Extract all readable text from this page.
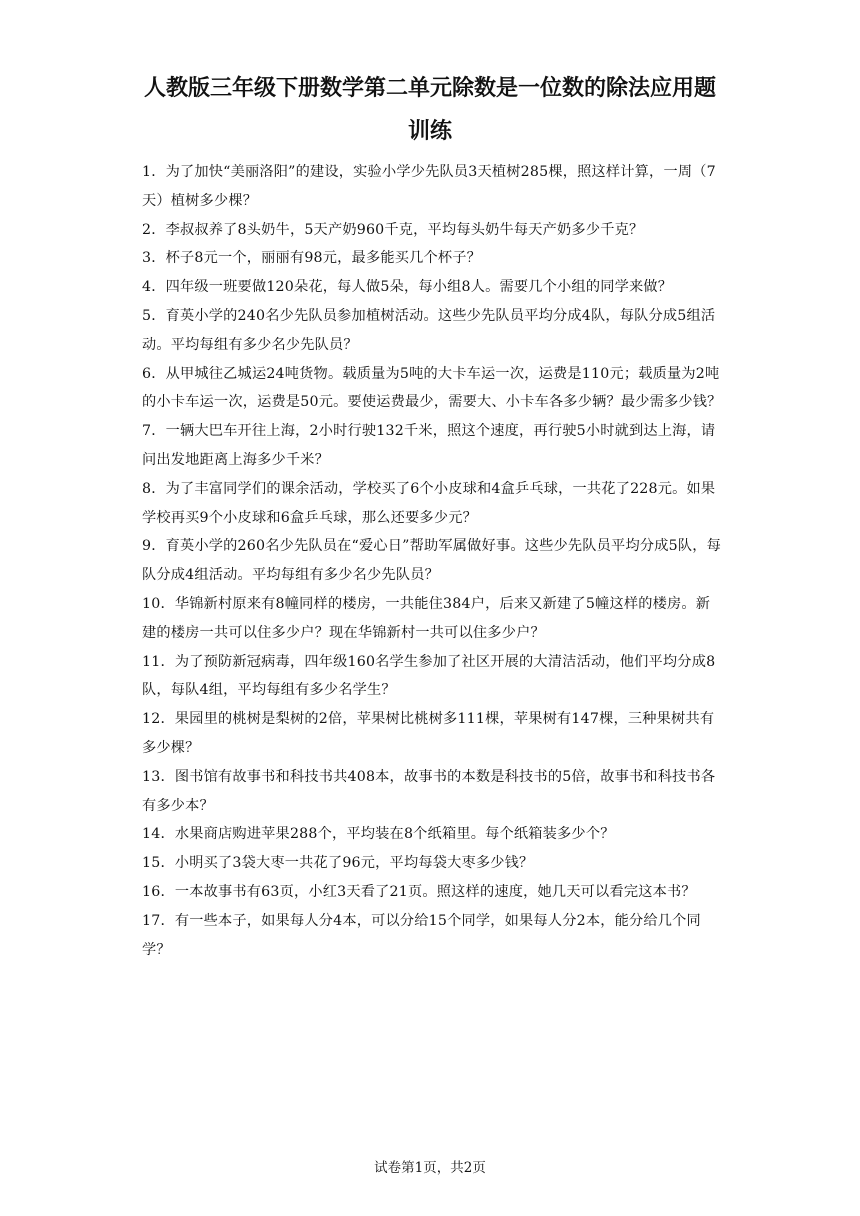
人教版三年级下册数学第二单元除数是一位数的除法应用题
训练
1．为了加快“美丽洛阳”的建设，实验小学少先队员3天植树285棵，照这样计算，一周（7天）植树多少棵？
2．李叔叔养了8头奶牛，5天产奶960千克，平均每头奶牛每天产奶多少千克？
3．杯子8元一个，丽丽有98元，最多能买几个杯子？
4．四年级一班要做120朵花，每人做5朵，每小组8人。需要几个小组的同学来做？
5．育英小学的240名少先队员参加植树活动。这些少先队员平均分成4队，每队分成5组活动。平均每组有多少名少先队员？
6．从甲城往乙城运24吨货物。载质量为5吨的大卡车运一次，运费是110元；载质量为2吨的小卡车运一次，运费是50元。要使运费最少，需要大、小卡车各多少辆？最少需多少钱？
7．一辆大巴车开往上海，2小时行驶132千米，照这个速度，再行驶5小时就到达上海，请问出发地距离上海多少千米？
8．为了丰富同学们的课余活动，学校买了6个小皮球和4盒乒乓球，一共花了228元。如果学校再买9个小皮球和6盒乒乓球，那么还要多少元？
9．育英小学的260名少先队员在“爱心日”帮助军属做好事。这些少先队员平均分成5队，每队分成4组活动。平均每组有多少名少先队员？
10．华锦新村原来有8幢同样的楼房，一共能住384户，后来又新建了5幢这样的楼房。新建的楼房一共可以住多少户？现在华锦新村一共可以住多少户？
11．为了预防新冠病毒，四年级160名学生参加了社区开展的大清洁活动，他们平均分成8队，每队4组，平均每组有多少名学生？
12．果园里的桃树是梨树的2倍，苹果树比桃树多111棵，苹果树有147棵，三种果树共有多少棵？
13．图书馆有故事书和科技书共408本，故事书的本数是科技书的5倍，故事书和科技书各有多少本？
14．水果商店购进苹果288个，平均装在8个纸箱里。每个纸箱装多少个？
15．小明买了3袋大枣一共花了96元，平均每袋大枣多少钱？
16．一本故事书有63页，小红3天看了21页。照这样的速度，她几天可以看完这本书？
17．有一些本子，如果每人分4本，可以分给15个同学，如果每人分2本，能分给几个同学？
试卷第1页，共2页
